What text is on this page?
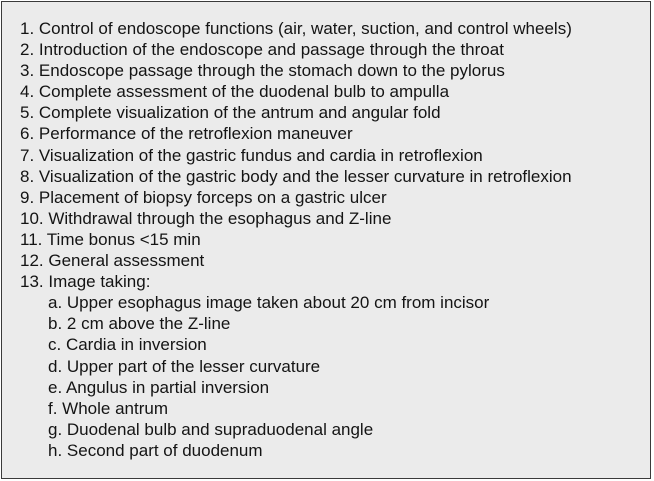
1. Control of endoscope functions (air, water, suction, and control wheels)
2. Introduction of the endoscope and passage through the throat
3. Endoscope passage through the stomach down to the pylorus
4. Complete assessment of the duodenal bulb to ampulla
5. Complete visualization of the antrum and angular fold
6. Performance of the retroflexion maneuver
7. Visualization of the gastric fundus and cardia in retroflexion
8. Visualization of the gastric body and the lesser curvature in retroflexion
9. Placement of biopsy forceps on a gastric ulcer
10. Withdrawal through the esophagus and Z-line
11. Time bonus <15 min
12. General assessment
13. Image taking:
a. Upper esophagus image taken about 20 cm from incisor
b. 2 cm above the Z-line
c. Cardia in inversion
d. Upper part of the lesser curvature
e. Angulus in partial inversion
f. Whole antrum
g. Duodenal bulb and supraduodenal angle
h. Second part of duodenum
